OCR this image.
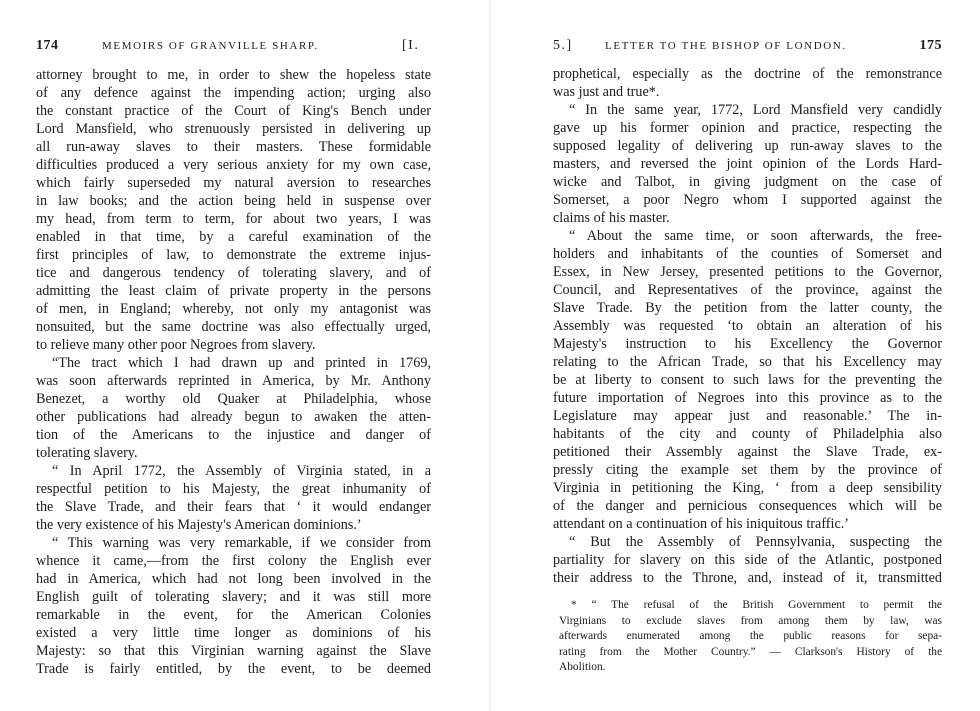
174	MEMOIRS OF GRANVILLE SHARP.	[I.
attorney brought to me, in order to shew the hopeless state
of any defence against the impending action; urging also
the constant practice of the Court of King's Bench under
Lord Mansfield, who strenuously persisted in delivering up
all run-away slaves to their masters. These formidable
difficulties produced a very serious anxiety for my own case,
which fairly superseded my natural aversion to researches
in law books; and the action being held in suspense over
my head, from term to term, for about two years, I was
enabled in that time, by a careful examination of the
first principles of law, to demonstrate the extreme injus-
tice and dangerous tendency of tolerating slavery, and of
admitting the least claim of private property in the persons
of men, in England; whereby, not only my antagonist was
nonsuited, but the same doctrine was also effectually urged,
to relieve many other poor Negroes from slavery.
“The tract which I had drawn up and printed in 1769,
was soon afterwards reprinted in America, by Mr. Anthony
Benezet, a worthy old Quaker at Philadelphia, whose
other publications had already begun to awaken the atten-
tion of the Americans to the injustice and danger of
tolerating slavery.
“ In April 1772, the Assembly of Virginia stated, in a
respectful petition to his Majesty, the great inhumanity of
the Slave Trade, and their fears that ‘ it would endanger
the very existence of his Majesty's American dominions.’
“ This warning was very remarkable, if we consider from
whence it came,—from the first colony the English ever
had in America, which had not long been involved in the
English guilt of tolerating slavery; and it was still more
remarkable in the event, for the American Colonies
existed a very little time longer as dominions of his
Majesty: so that this Virginian warning against the Slave
Trade is fairly entitled, by the event, to be deemed
5.]	LETTER TO THE BISHOP OF LONDON.	175
prophetical, especially as the doctrine of the remonstrance
was just and true*.
“ In the same year, 1772, Lord Mansfield very candidly
gave up his former opinion and practice, respecting the
supposed legality of delivering up run-away slaves to the
masters, and reversed the joint opinion of the Lords Hard-
wicke and Talbot, in giving judgment on the case of
Somerset, a poor Negro whom I supported against the
claims of his master.
“ About the same time, or soon afterwards, the free-
holders and inhabitants of the counties of Somerset and
Essex, in New Jersey, presented petitions to the Governor,
Council, and Representatives of the province, against the
Slave Trade. By the petition from the latter county, the
Assembly was requested ‘to obtain an alteration of his
Majesty's instruction to his Excellency the Governor
relating to the African Trade, so that his Excellency may
be at liberty to consent to such laws for the preventing the
future importation of Negroes into this province as to the
Legislature may appear just and reasonable.’ The in-
habitants of the city and county of Philadelphia also
petitioned their Assembly against the Slave Trade, ex-
pressly citing the example set them by the province of
Virginia in petitioning the King, ‘ from a deep sensibility
of the danger and pernicious consequences which will be
attendant on a continuation of his iniquitous traffic.’
“ But the Assembly of Pennsylvania, suspecting the
partiality for slavery on this side of the Atlantic, postponed
their address to the Throne, and, instead of it, transmitted
* “ The refusal of the British Government to permit the
Virginians to exclude slaves from among them by law, was
afterwards enumerated among the public reasons for sepa-
rating from the Mother Country.” — Clarkson's History of the
Abolition.
